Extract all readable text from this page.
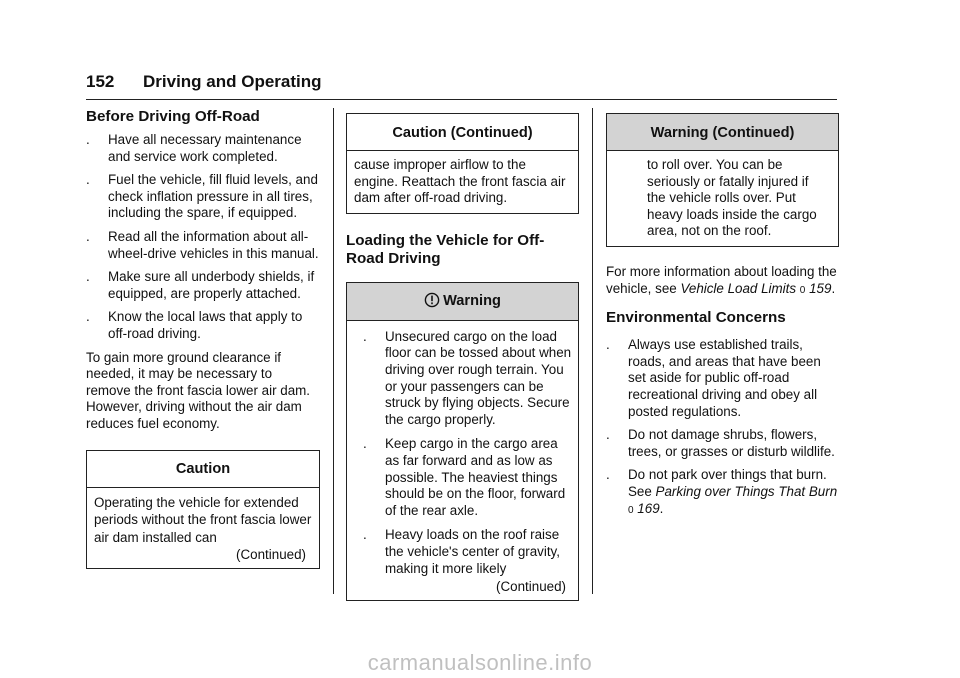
152 Driving and Operating
Before Driving Off-Road
. Have all necessary maintenance and service work completed.
. Fuel the vehicle, fill fluid levels, and check inflation pressure in all tires, including the spare, if equipped.
. Read all the information about all-wheel-drive vehicles in this manual.
. Make sure all underbody shields, if equipped, are properly attached.
. Know the local laws that apply to off-road driving.

To gain more ground clearance if needed, it may be necessary to remove the front fascia lower air dam. However, driving without the air dam reduces fuel economy.

Caution
Operating the vehicle for extended periods without the front fascia lower air dam installed can
(Continued)
Caution (Continued)
cause improper airflow to the engine. Reattach the front fascia air dam after off-road driving.
Loading the Vehicle for Off-Road Driving
Warning
. Unsecured cargo on the load floor can be tossed about when driving over rough terrain. You or your passengers can be struck by flying objects. Secure the cargo properly.
. Keep cargo in the cargo area as far forward and as low as possible. The heaviest things should be on the floor, forward of the rear axle.
. Heavy loads on the roof raise the vehicle's center of gravity, making it more likely
(Continued)
Warning (Continued)
to roll over. You can be seriously or fatally injured if the vehicle rolls over. Put heavy loads inside the cargo area, not on the roof.

For more information about loading the vehicle, see Vehicle Load Limits 0 159.

Environmental Concerns
. Always use established trails, roads, and areas that have been set aside for public off-road recreational driving and obey all posted regulations.
. Do not damage shrubs, flowers, trees, or grasses or disturb wildlife.
. Do not park over things that burn. See Parking over Things That Burn 0 169.
carmanualsonline.info
